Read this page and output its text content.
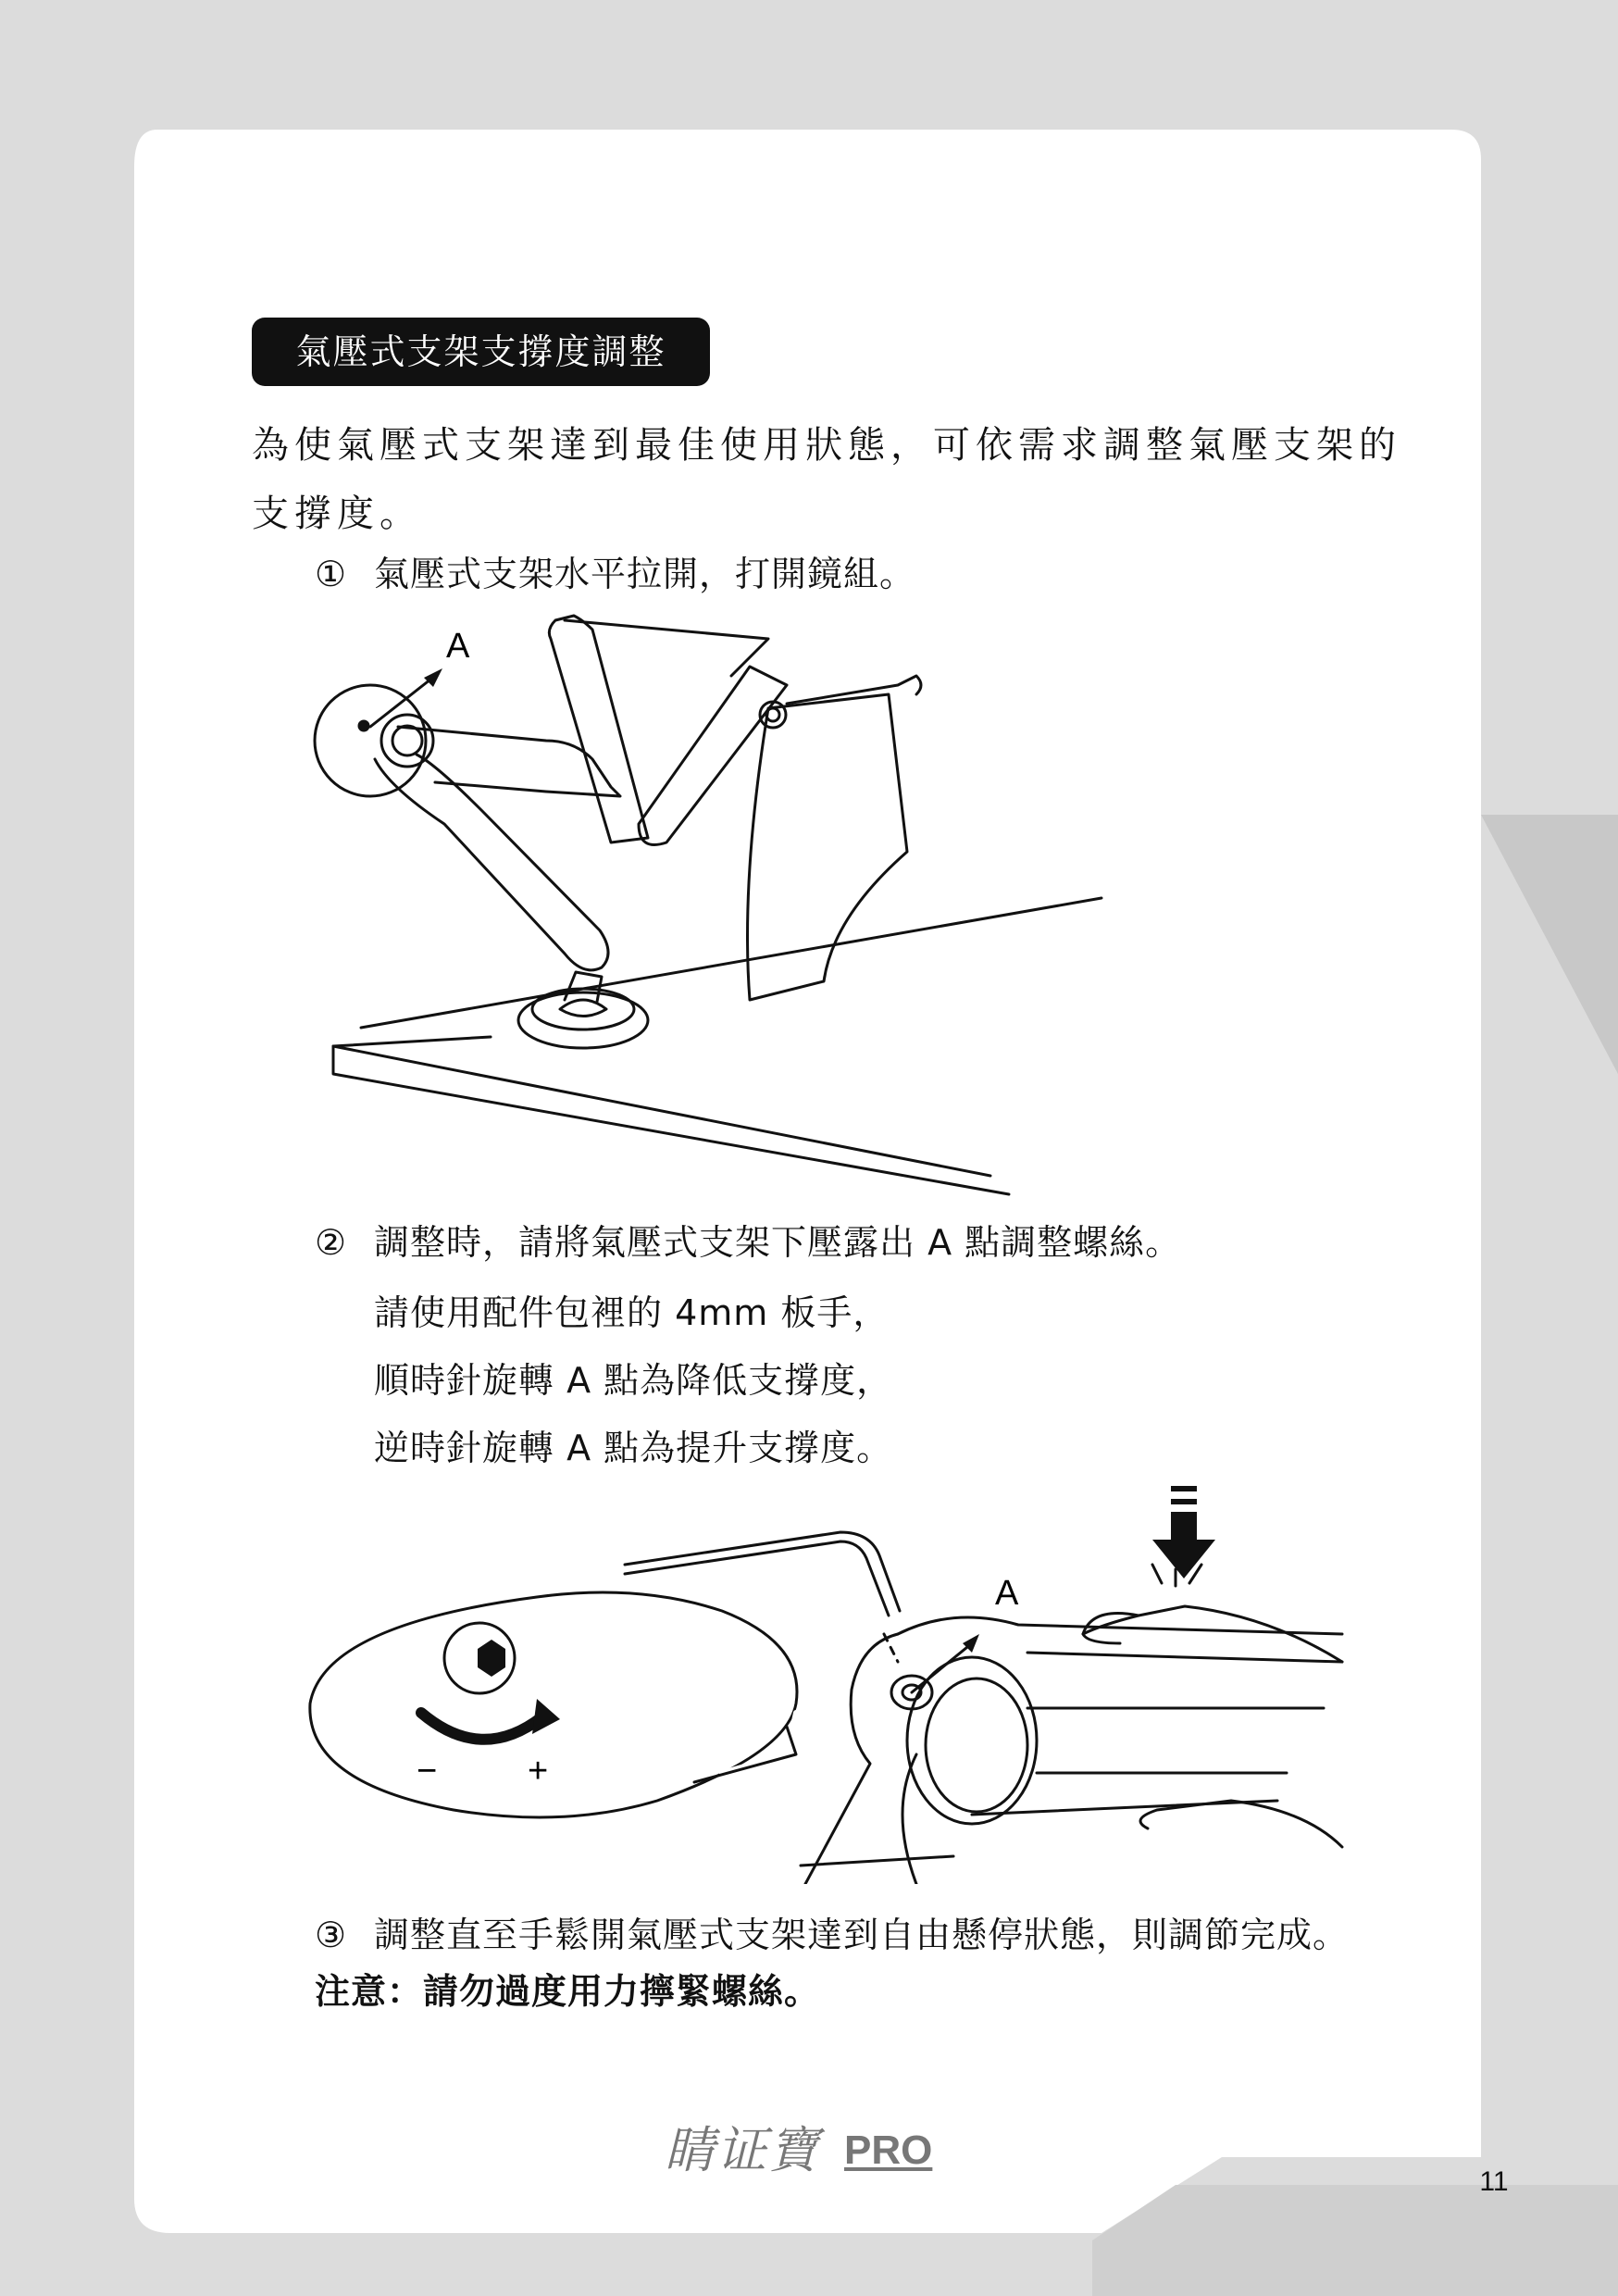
氣壓式支架支撐度調整
為使氣壓式支架達到最佳使用狀態，可依需求調整氣壓支架的
支撐度。
① 氣壓式支架水平拉開，打開鏡組。
A
② 調整時，請將氣壓式支架下壓露出 A 點調整螺絲。
請使用配件包裡的 4mm 板手，
順時針旋轉 A 點為降低支撐度，
逆時針旋轉 A 點為提升支撐度。
−	+
A
③ 調整直至手鬆開氣壓式支架達到自由懸停狀態，則調節完成。
注意：請勿過度用力擰緊螺絲。
睛证寶 PRO
11
